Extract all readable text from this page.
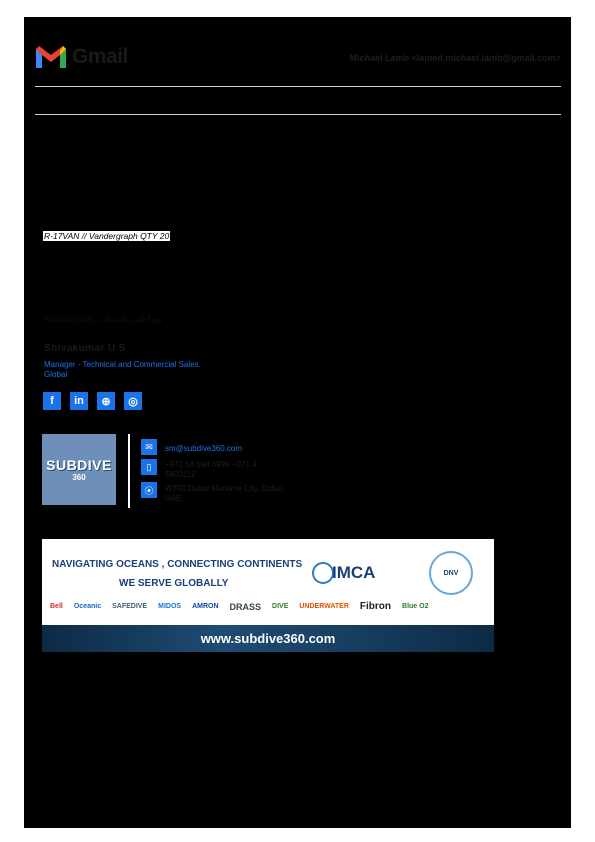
Gmail	Michael Lamb <lamed.michael.lamb@gmail.com>
R-17VAN // Vandergraph QTY 20
Kind Regards, مع أطيب التحيات
Shivakumar U S
Manager - Technical and Commercial Sales.
Global
f	in	⊕	◎
SUBDIVE
360
✉	sm@subdive360.com
▯	+971 58 594 6999 +971 4
5800112
⦿	W350 Dubai Maritime City, Dubai,
UAE
NAVIGATING OCEANS , CONNECTING CONTINENTS
WE SERVE GLOBALLY
IMCA	DNV
Bell Oceanic SAFEDIVE MIDOS AMRON DRASS DIVE UNDERWATER Fibron Blue O2
www.subdive360.com
